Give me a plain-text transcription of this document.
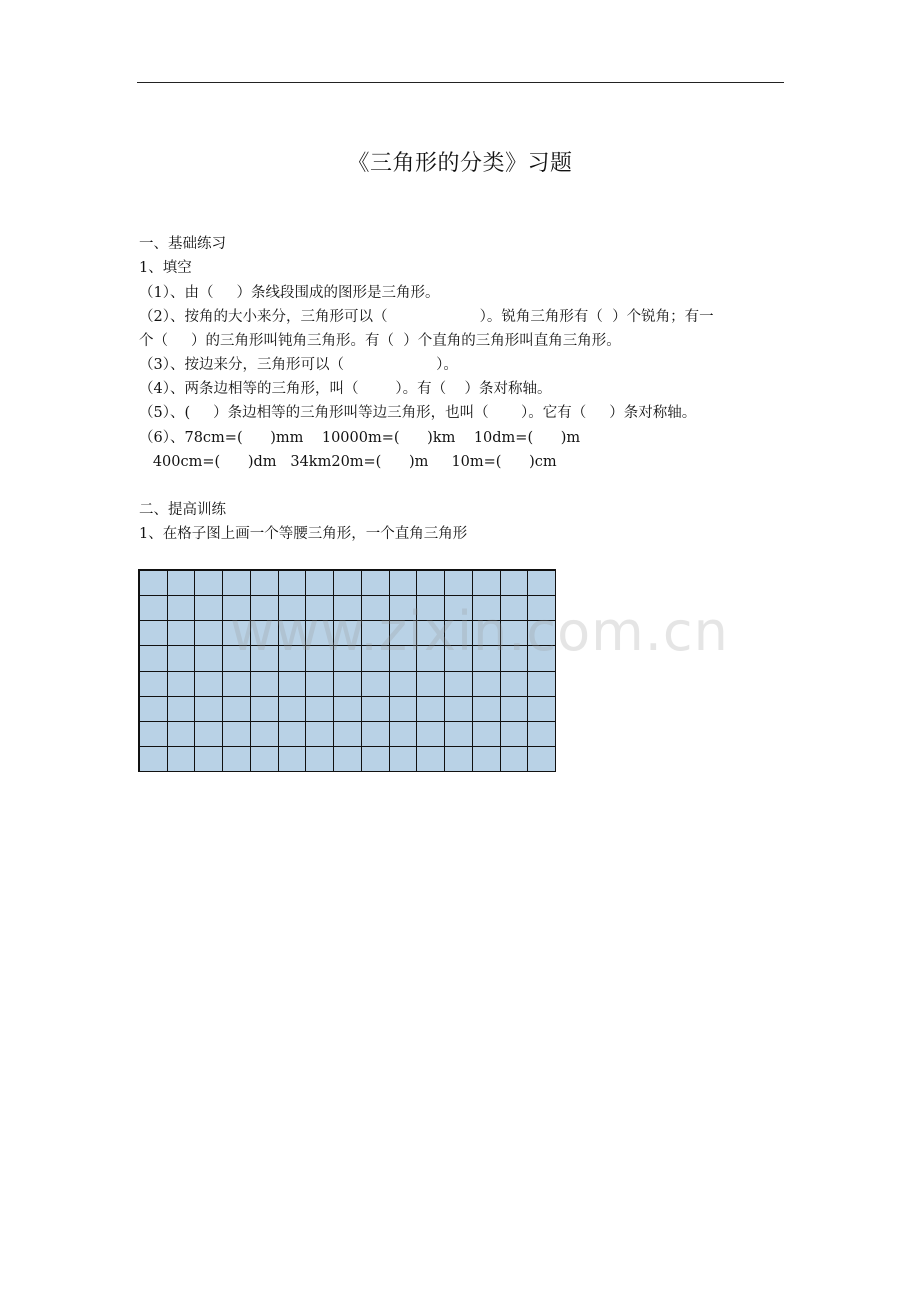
《三角形的分类》习题
一、基础练习
1、填空
（1）、由（     ）条线段围成的图形是三角形。
（2）、按角的大小来分，三角形可以（                    ）。锐角三角形有（  ）个锐角；有一
个（     ）的三角形叫钝角三角形。有（  ）个直角的三角形叫直角三角形。
（3）、按边来分，三角形可以（                    ）。
（4）、两条边相等的三角形，叫（        ）。有（    ）条对称轴。
（5）、(     ）条边相等的三角形叫等边三角形，也叫（       ）。它有（     ）条对称轴。
（6）、78cm=(      )mm    10000m=(      )km    10dm=(      )m
400cm=(      )dm   34km20m=(      )m     10m=(      )cm
二、提高训练
1、在格子图上画一个等腰三角形，一个直角三角形
www.zixin.com.cn
